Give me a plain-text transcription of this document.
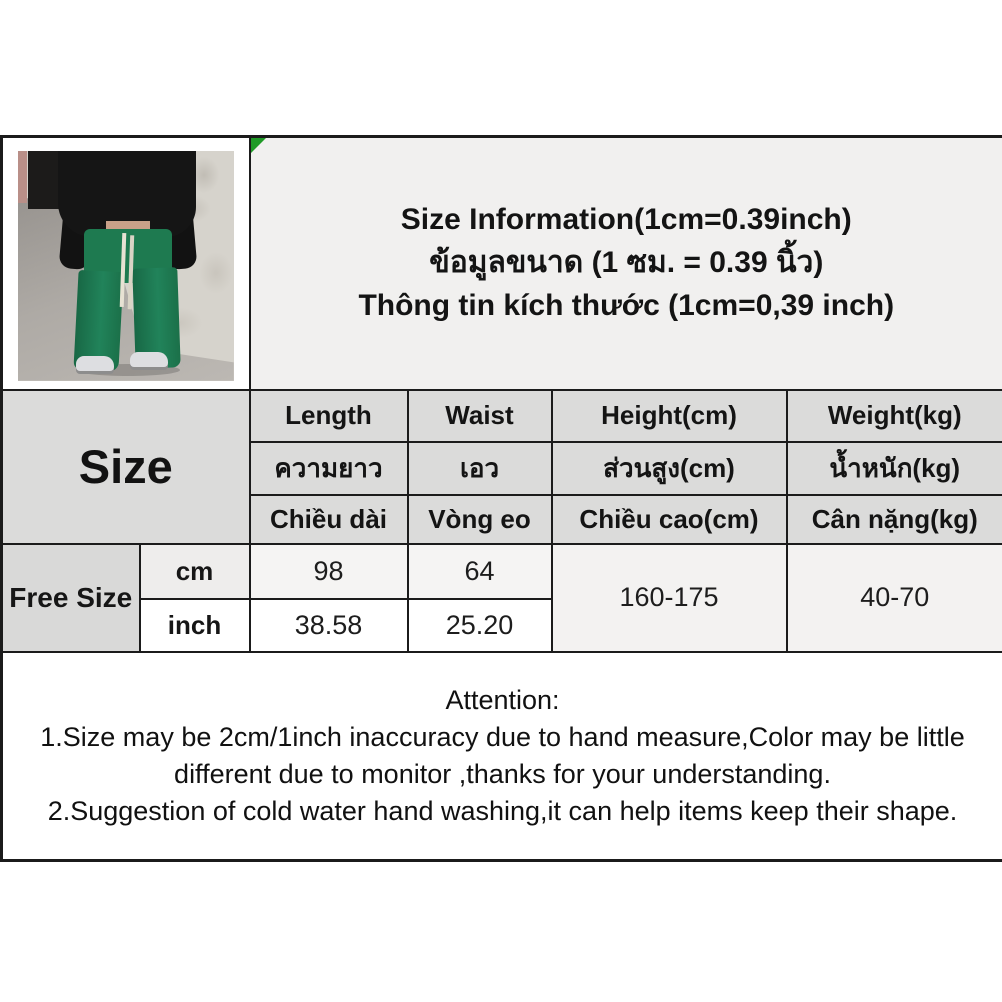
		Size Information(1cm=0.39inch)
ข้อมูลขนาด (1 ซม. = 0.39 นิ้ว)
Thông tin kích thước (1cm=0,39 inch)			

Size		Length	Waist	Height(cm)	Weight(kg)
		ความยาว	เอว	ส่วนสูง(cm)	น้ำหนัก(kg)
		Chiều dài	Vòng eo	Chiều cao(cm)	Cân nặng(kg)
Free Size	cm	98	64	160-175	40-70
	inch	38.58	25.20		

Attention:
1.Size may be 2cm/1inch inaccuracy due to hand measure,Color may be little different due to monitor ,thanks for your understanding.
2.Suggestion of cold water hand washing,it can help items keep their shape.					
